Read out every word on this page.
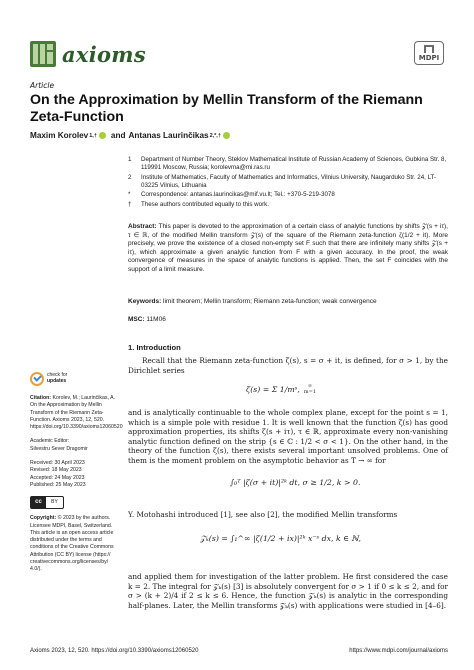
axioms	MDPI
Article
On the Approximation by Mellin Transform of the Riemann Zeta-Function
Maxim Korolev 1,† and Antanas Laurinčikas 2,*,†
1	Department of Number Theory, Steklov Mathematical Institute of Russian Academy of Sciences, Gubkina Str. 8, 119991 Moscow, Russia; korolevma@mi.ras.ru
2	Institute of Mathematics, Faculty of Mathematics and Informatics, Vilnius University, Naugarduko Str. 24, LT-03225 Vilnius, Lithuania
*	Correspondence: antanas.laurincikas@mif.vu.lt; Tel.: +370-5-219-3078
†	These authors contributed equally to this work.
Abstract: This paper is devoted to the approximation of a certain class of analytic functions by shifts 𝒵(s + iτ), τ ∈ ℝ, of the modified Mellin transform 𝒵(s) of the square of the Riemann zeta-function ζ(1/2 + it). More precisely, we prove the existence of a closed non-empty set F such that there are infinitely many shifts 𝒵(s + iτ), which approximate a given analytic function from F with a given accuracy. In the proof, the weak convergence of measures in the space of analytic functions is applied. Then, the set F coincides with the support of a limit measure.
Keywords: limit theorem; Mellin transform; Riemann zeta-function; weak convergence
MSC: 11M06
check for
updates

Citation: Korolev, M.; Laurinčikas, A. On the Approximation by Mellin Transform of the Riemann Zeta-Function. Axioms 2023, 12, 520. https://doi.org/10.3390/axioms12060520

Academic Editor:
Silvestru Sever Dragomir

Received: 30 April 2023
Revised: 18 May 2023
Accepted: 24 May 2023
Published: 25 May 2023

cc	BY

Copyright: © 2023 by the authors. Licensee MDPI, Basel, Switzerland. This article is an open access article distributed under the terms and conditions of the Creative Commons Attribution (CC BY) license (https:// creativecommons.org/licenses/by/ 4.0/).

1. Introduction
Recall that the Riemann zeta-function ζ(s), s = σ + it, is defined, for σ > 1, by the Dirichlet series
ζ(s) = Σ 1/mˢ, ∞
m=1
and is analytically continuable to the whole complex plane, except for the point s = 1, which is a simple pole with residue 1. It is well known that the function ζ(s) has good approximation properties, its shifts ζ(s + iτ), τ ∈ ℝ, approximate every non-vanishing analytic function defined on the strip {s ∈ ℂ : 1/2 < σ < 1}. On the other hand, in the theory of the function ζ(s), there exists several important unsolved problems. One of them is the moment problem on the asymptotic behavior as T → ∞ for
∫₀ᵀ |ζ(σ + it)|²ᵏ dt, σ ≥ 1/2, k > 0.
Y. Motohashi introduced [1], see also [2], the modified Mellin transforms
𝒵ₖ(s) = ∫₁^∞ |ζ(1/2 + ix)|²ᵏ x⁻ˢ dx, k ∈ ℕ,
and applied them for investigation of the latter problem. He first considered the case k = 2. The integral for 𝒵ₖ(s) [3] is absolutely convergent for σ > 1 if 0 ≤ k ≤ 2, and for σ > (k + 2)/4 if 2 ≤ k ≤ 6. Hence, the function 𝒵ₖ(s) is analytic in the corresponding half-planes. Later, the Mellin transforms 𝒵ₖ(s) with applications were studied in [4–6].
Axioms 2023, 12, 520. https://doi.org/10.3390/axioms12060520	https://www.mdpi.com/journal/axioms
